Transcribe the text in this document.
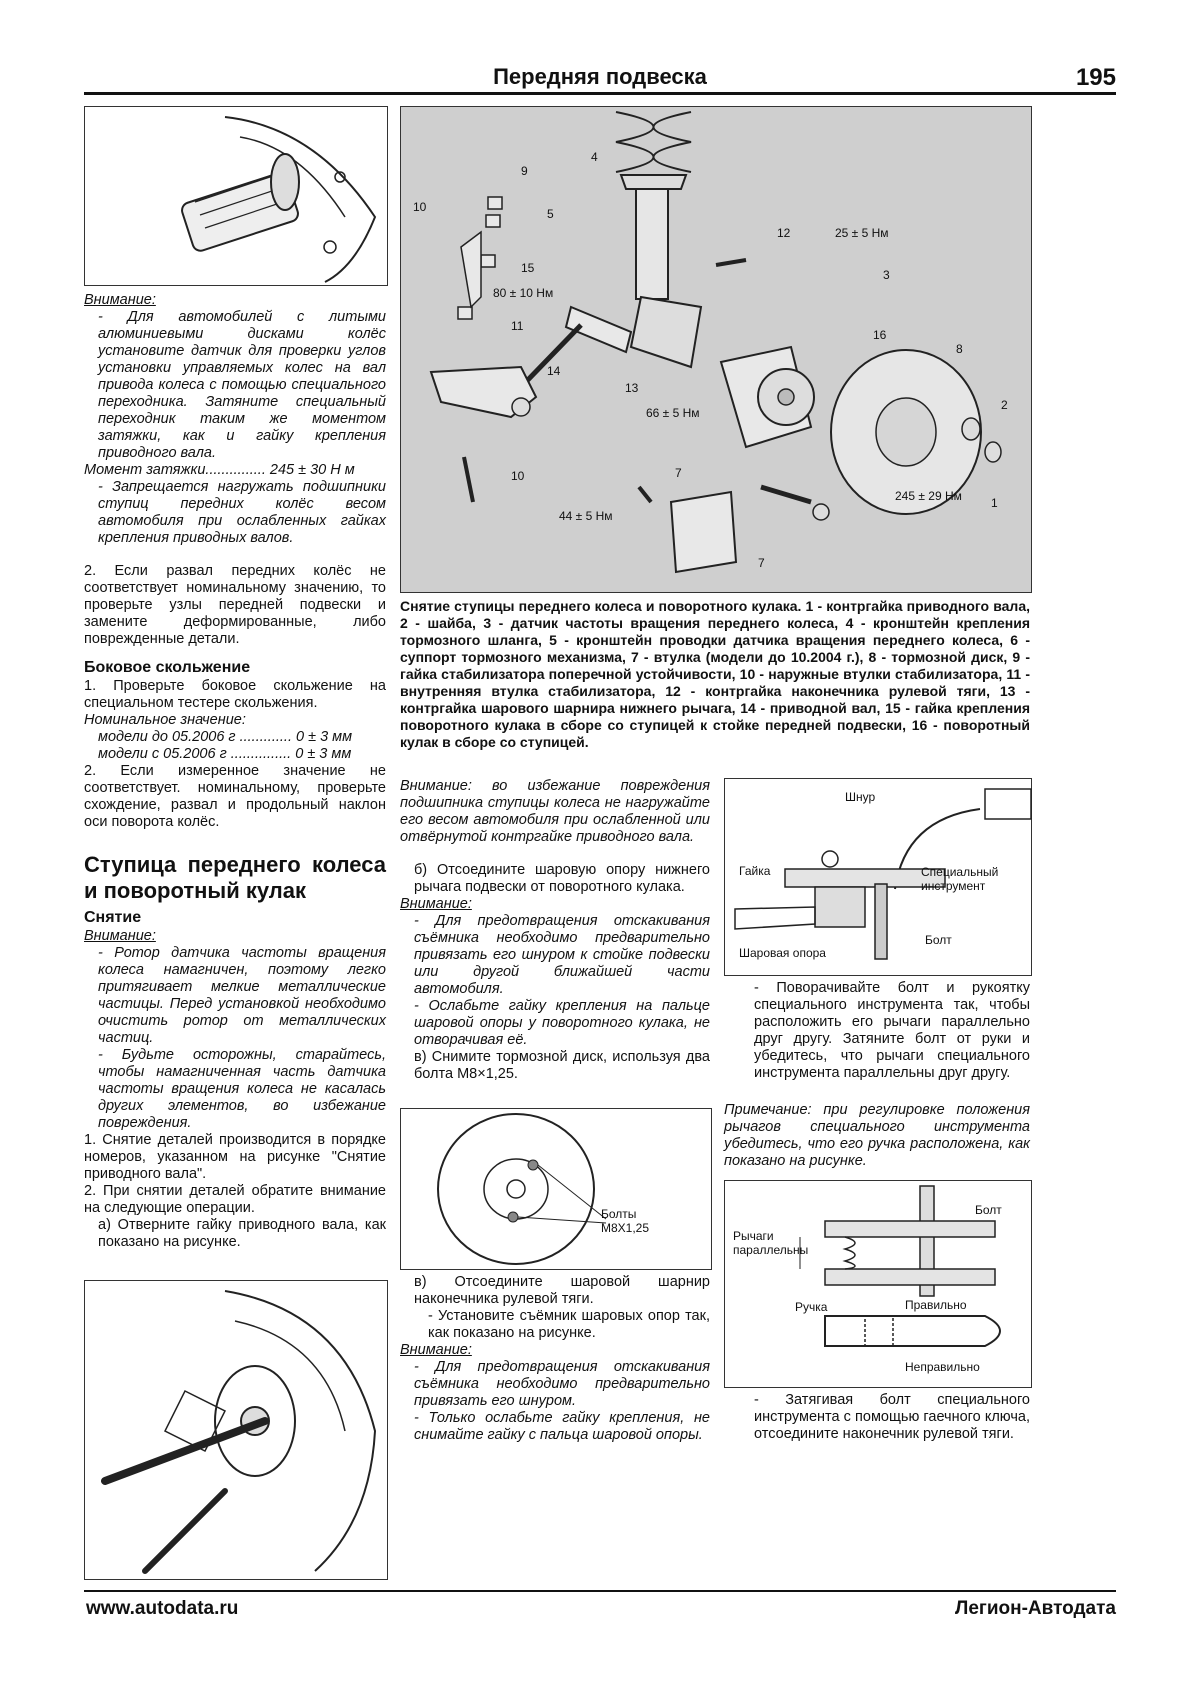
Передняя подвеска	195

Внимание:

- Для автомобилей с литыми алюминиевыми дисками колёс установите датчик для проверки углов установки управляемых колес на вал привода колеса с помощью специального переходника. Затяните специальный переходник таким же моментом затяжки, как и гайку крепления приводного вала.

Момент затяжки............... 245 ± 30 Н м

- Запрещается нагружать подшипники ступиц передних колёс весом автомобиля при ослабленных гайках крепления приводных валов.

2. Если развал передних колёс не соответствует номинальному значению, то проверьте узлы передней подвески и замените деформированные, либо поврежденные детали.

Боковое скольжение

1. Проверьте боковое скольжение на специальном тестере скольжения.

Номинальное значение:

модели до 05.2006 г ............. 0 ± 3 мм

модели с 05.2006 г ............... 0 ± 3 мм

2. Если измеренное значение не соответствует. номинальному, проверьте схождение, развал и продольный наклон оси поворота колёс.

Ступица переднего колеса и поворотный кулак

Снятие

Внимание:

- Ротор датчика частоты вращения колеса намагничен, поэтому легко притягивает мелкие металлические частицы. Перед установкой необходимо очистить ротор от металлических частиц.

- Будьте осторожны, старайтесь, чтобы намагниченная часть датчика частоты вращения колеса не касалась других элементов, во избежание повреждения.

1. Снятие деталей производится в порядке номеров, указанном на рисунке "Снятие приводного вала".

2. При снятии деталей обратите внимание на следующие операции.

а) Отверните гайку приводного вала, как показано на рисунке.

9
4
10	5
15
12
3
16
8
2
11
14
13
10	7
7
1
25 ± 5 Нм
80 ± 10 Нм
66 ± 5 Нм
44 ± 5 Нм
245 ± 29 Нм
Снятие ступицы переднего колеса и поворотного кулака. 1 - контргайка приводного вала, 2 - шайба, 3 - датчик частоты вращения переднего колеса, 4 - кронштейн крепления тормозного шланга, 5 - кронштейн проводки датчика вращения переднего колеса, 6 - суппорт тормозного механизма, 7 - втулка (модели до 10.2004 г.), 8 - тормозной диск, 9 - гайка стабилизатора поперечной устойчивости, 10 - наружные втулки стабилизатора, 11 - внутренняя втулка стабилизатора, 12 - контргайка наконечника рулевой тяги, 13 - контргайка шарового шарнира нижнего рычага, 14 - приводной вал, 15 - гайка крепления поворотного кулака в сборе со ступицей к стойке передней подвески, 16 - поворотный кулак в сборе со ступицей.

Внимание: во избежание повреждения подшипника ступицы колеса не нагружайте его весом автомобиля при ослабленной или отвёрнутой контргайке приводного вала.

б) Отсоедините шаровую опору нижнего рычага подвески от поворотного кулака.

Внимание:

- Для предотвращения отскакивания съёмника необходимо предварительно привязать его шнуром к стойке подвески или другой ближайшей части автомобиля.

- Ослабьте гайку крепления на пальце шаровой опоры у поворотного кулака, не отворачивая её.

в) Снимите тормозной диск, используя два болта M8×1,25.

Болты M8X1,25

в) Отсоедините шаровой шарнир наконечника рулевой тяги.

- Установите съёмник шаровых опор так, как показано на рисунке.

Внимание:

- Для предотвращения отскакивания съёмника необходимо предварительно привязать его шнуром.

- Только ослабьте гайку крепления, не снимайте гайку с пальца шаровой опоры.

Шнур
Гайка	Специальный инструмент
Болт
Шаровая опора

- Поворачивайте болт и рукоятку специального инструмента так, чтобы расположить его рычаги параллельно друг другу. Затяните болт от руки и убедитесь, что рычаги специального инструмента параллельны друг другу.

Примечание: при регулировке положения рычагов специального инструмента убедитесь, что его ручка расположена, как показано на рисунке.

Болт
Рычаги параллельны
Ручка	Правильно
Неправильно

- Затягивая болт специального инструмента с помощью гаечного ключа, отсоедините наконечник рулевой тяги.

www.autodata.ru	Легион-Автодата
